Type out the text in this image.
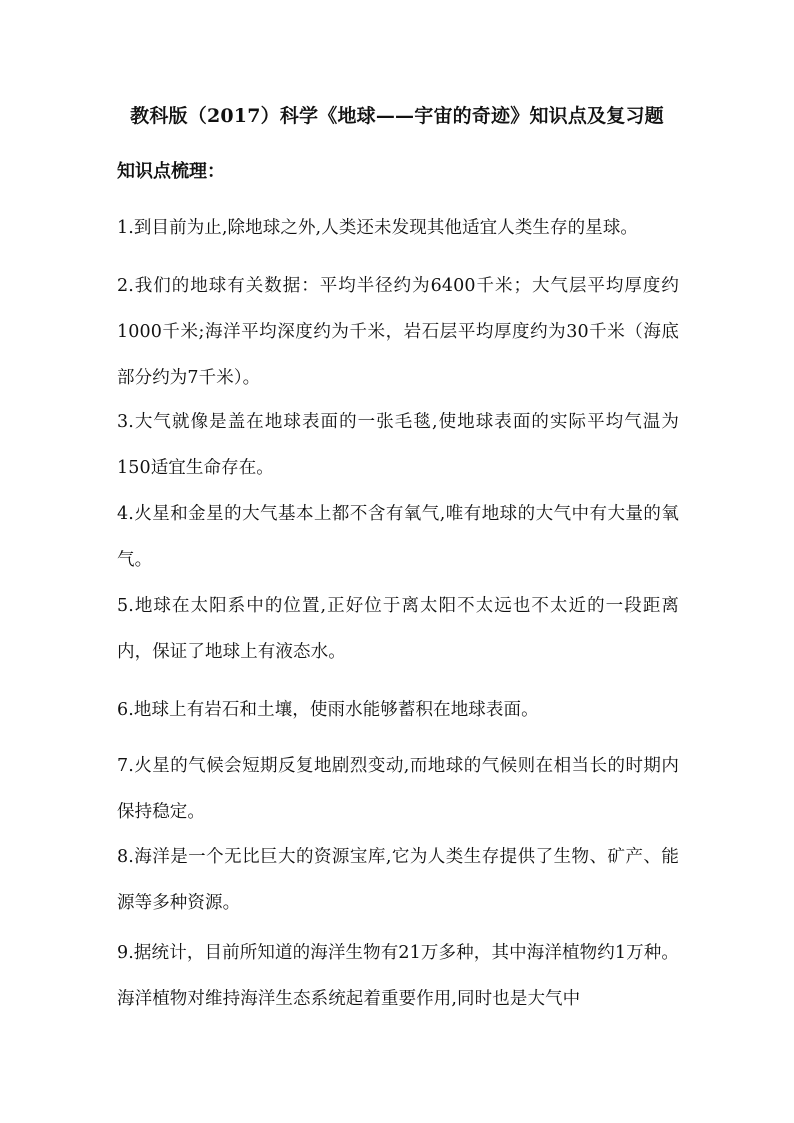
教科版（2017）科学《地球——宇宙的奇迹》知识点及复习题
知识点梳理：
1.到目前为止,除地球之外,人类还未发现其他适宜人类生存的星球。
2.我们的地球有关数据：平均半径约为6400千米；大气层平均厚度约1000千米;海洋平均深度约为千米，岩石层平均厚度约为30千米（海底部分约为7千米）。
3.大气就像是盖在地球表面的一张毛毯,使地球表面的实际平均气温为150适宜生命存在。
4.火星和金星的大气基本上都不含有氧气,唯有地球的大气中有大量的氧气。
5.地球在太阳系中的位置,正好位于离太阳不太远也不太近的一段距离内，保证了地球上有液态水。
6.地球上有岩石和土壤，使雨水能够蓄积在地球表面。
7.火星的气候会短期反复地剧烈变动,而地球的气候则在相当长的时期内保持稳定。
8.海洋是一个无比巨大的资源宝库,它为人类生存提供了生物、矿产、能源等多种资源。
9.据统计，目前所知道的海洋生物有21万多种，其中海洋植物约1万种。海洋植物对维持海洋生态系统起着重要作用,同时也是大气中
